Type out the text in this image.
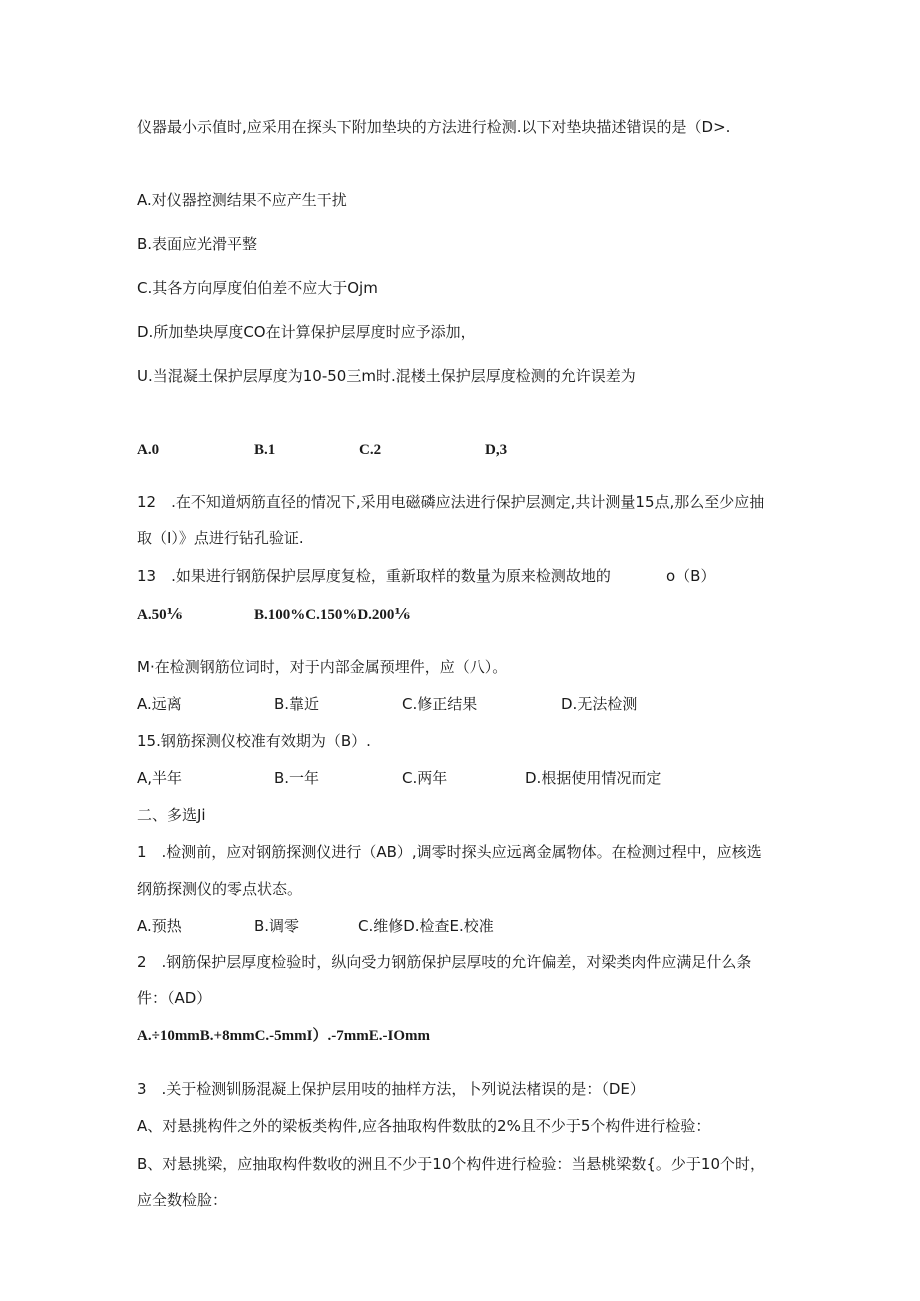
仪器最小示值时,应采用在探头下附加垫块的方法进行检测.以下对垫块描述错误的是（D>.
A.对仪器控测结果不应产生干扰
B.表面应光滑平整
C.其各方向厚度伯伯差不应大于Ojm
D.所加垫块厚度CO在计算保护层厚度时应予添加，
U.当混凝土保护层厚度为10-50三m时.混楼土保护层厚度检测的允许误差为
A.0	B.1	C.2	D,3
12　.在不知道炳筋直径的情况下,采用电磁磷应法进行保护层测定,共计测量15点,那么至少应抽
取（I）》点进行钻孔验证.
13　.如果进行钢筋保护层厚度复检，重新取样的数量为原来检测故地的	o（B）
A.50⅙	B.100%C.150%D.200⅙
M·在检测钢筋位词时，对于内部金属预埋件，应（八）。
A.远离	B.靠近	C.修正结果	D.无法检测
15.钢筋探测仪校准有效期为（B）.
A,半年	B.一年	C.两年	D.根据使用情况而定
二、多选Ji
1　.检测前，应对钢筋探测仪进行（AB）,调零时探头应远离金属物体。在检测过程中，应核选
纲筋探测仪的零点状态。
A.预热	B.调零	C.维修D.检查E.校准
2　.钢筋保护层厚度检验时，纵向受力钢筋保护层厚吱的允许偏差，对梁类肉件应满足什么条
件：（AD）
A.÷10mmB.+8mmC.-5mmI）.-7mmE.-IOmm
3　.关于检测钏肠混凝上保护层用吱的抽样方法，卜列说法楮误的是：（DE）
A、对悬挑构件之外的梁板类构件,应各抽取构件数肽的2%且不少于5个构件进行检验：
B、对悬挑梁，应抽取构件数收的洲且不少于10个构件进行检验：当悬桃梁数{。少于10个时，
应全数检脸：
